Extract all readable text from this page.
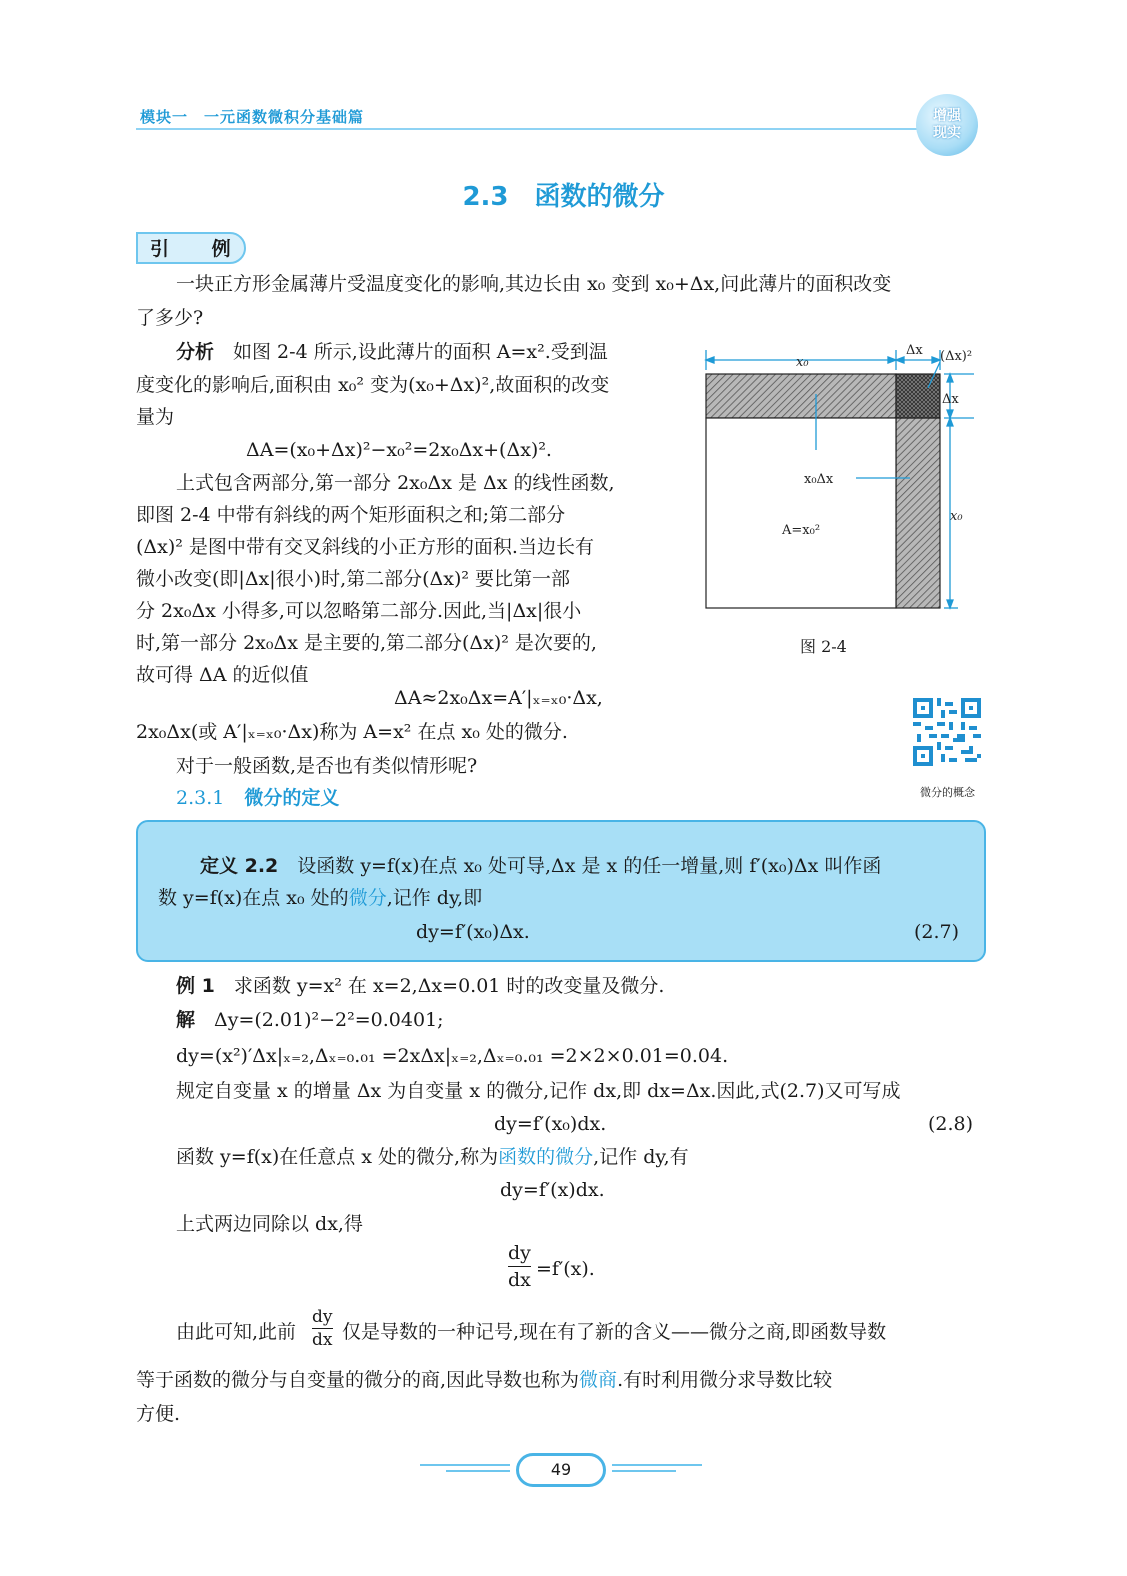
模块一　一元函数微积分基础篇	增强
现实
2.3　函数的微分
引 例
一块正方形金属薄片受温度变化的影响,其边长由 x₀ 变到 x₀+Δx,问此薄片的面积改变
了多少?
分析　如图 2-4 所示,设此薄片的面积 A=x².受到温
度变化的影响后,面积由 x₀² 变为(x₀+Δx)²,故面积的改变
量为
ΔA=(x₀+Δx)²−x₀²=2x₀Δx+(Δx)².
上式包含两部分,第一部分 2x₀Δx 是 Δx 的线性函数,
即图 2-4 中带有斜线的两个矩形面积之和;第二部分
(Δx)² 是图中带有交叉斜线的小正方形的面积.当边长有
微小改变(即|Δx|很小)时,第二部分(Δx)² 要比第一部
分 2x₀Δx 小得多,可以忽略第二部分.因此,当|Δx|很小
时,第一部分 2x₀Δx 是主要的,第二部分(Δx)² 是次要的,
故可得 ΔA 的近似值
ΔA≈2x₀Δx=A′|ₓ₌ₓ₀·Δx,
2x₀Δx(或 A′|ₓ₌ₓ₀·Δx)称为 A=x² 在点 x₀ 处的微分.
对于一般函数,是否也有类似情形呢?
x₀
Δx (Δx)²
Δx
x₀
x₀Δx
A=x₀²
图 2-4
微分的概念
2.3.1 微分的定义
定义 2.2　设函数 y=f(x)在点 x₀ 处可导,Δx 是 x 的任一增量,则 f′(x₀)Δx 叫作函
数 y=f(x)在点 x₀ 处的微分,记作 dy,即
dy=f′(x₀)Δx.	(2.7)
例 1　求函数 y=x² 在 x=2,Δx=0.01 时的改变量及微分.
解　Δy=(2.01)²−2²=0.0401;
dy=(x²)′Δx|ₓ₌₂,Δₓ₌₀.₀₁ =2xΔx|ₓ₌₂,Δₓ₌₀.₀₁ =2×2×0.01=0.04.
规定自变量 x 的增量 Δx 为自变量 x 的微分,记作 dx,即 dx=Δx.因此,式(2.7)又可写成
dy=f′(x₀)dx.	(2.8)
函数 y=f(x)在任意点 x 处的微分,称为函数的微分,记作 dy,有
dy=f′(x)dx.
上式两边同除以 dx,得
$\frac{dy}{dx} =f'(x)$.
由此可知,此前 $\frac{dy}{dx}$ 仅是导数的一种记号,现在有了新的含义——微分之商,即函数导数
等于函数的微分与自变量的微分的商,因此导数也称为微商.有时利用微分求导数比较
方便.
49
